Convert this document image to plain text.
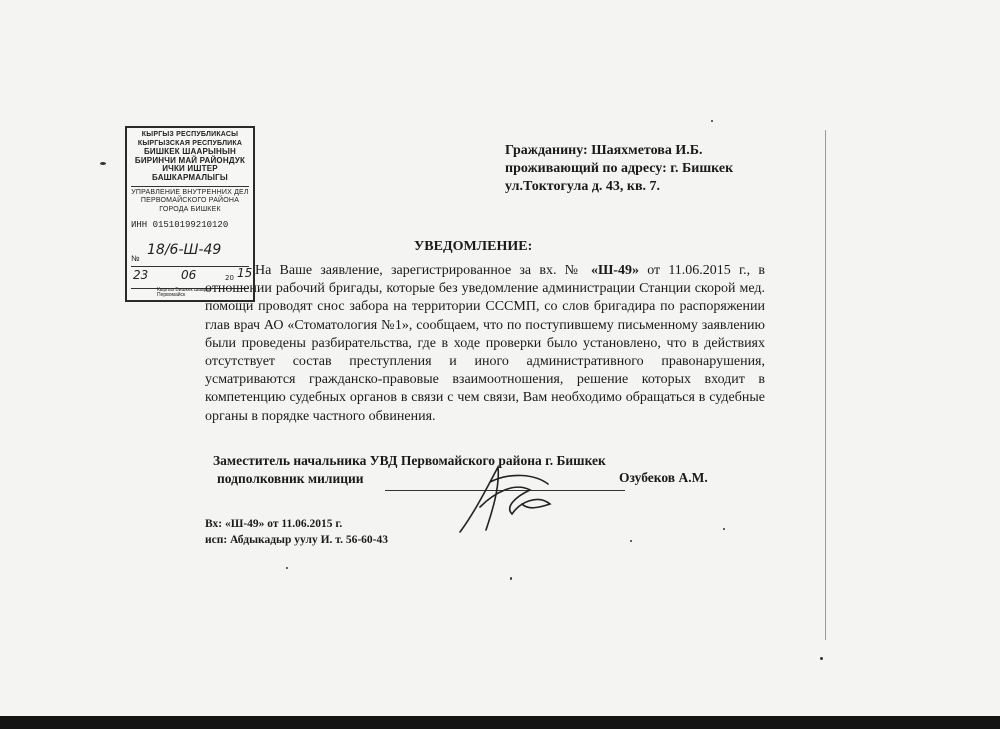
КЫРГЫЗ РЕСПУБЛИКАСЫ
КЫРГЫЗСКАЯ РЕСПУБЛИКА
БИШКЕК ШААРЫНЫН
БИРИНЧИ МАЙ РАЙОНДУК
ИЧКИ ИШТЕР
БАШКАРМАЛЫГЫ
УПРАВЛЕНИЕ ВНУТРЕННИХ ДЕЛ
ПЕРВОМАЙСКОГО РАЙОНА
ГОРОДА БИШКЕК
ИНН 01510199210120
№
18/6-Ш-49
23	06	20 15
Кыргыз Бишкек шаары
Первомайск
Гражданину: Шаяхметова И.Б.
проживающий по адресу: г. Бишкек
ул.Токтогула д. 43, кв. 7.
УВЕДОМЛЕНИЕ:
На Ваше заявление, зарегистрированное за вх. № «Ш-49» от 11.06.2015 г., в отношении рабочий бригады, которые без уведомление администрации Станции скорой мед. помощи проводят снос забора на территории СССМП, со слов бригадира по распоряжении глав врач АО «Стоматология №1», сообщаем, что по поступившему письменному заявлению были проведены разбирательства, где в ходе проверки было установлено, что в действиях отсутствует состав преступления и иного административного правонарушения, усматриваются гражданско-правовые взаимоотношения, решение которых входит в компетенцию судебных органов в связи с чем связи, Вам необходимо обращаться в судебные органы в порядке частного обвинения.
Заместитель начальника УВД Первомайского района г. Бишкек
подполковник милиции	Озубеков А.М.
Вх: «Ш-49» от 11.06.2015 г.
исп: Абдыкадыр уулу И. т. 56-60-43
